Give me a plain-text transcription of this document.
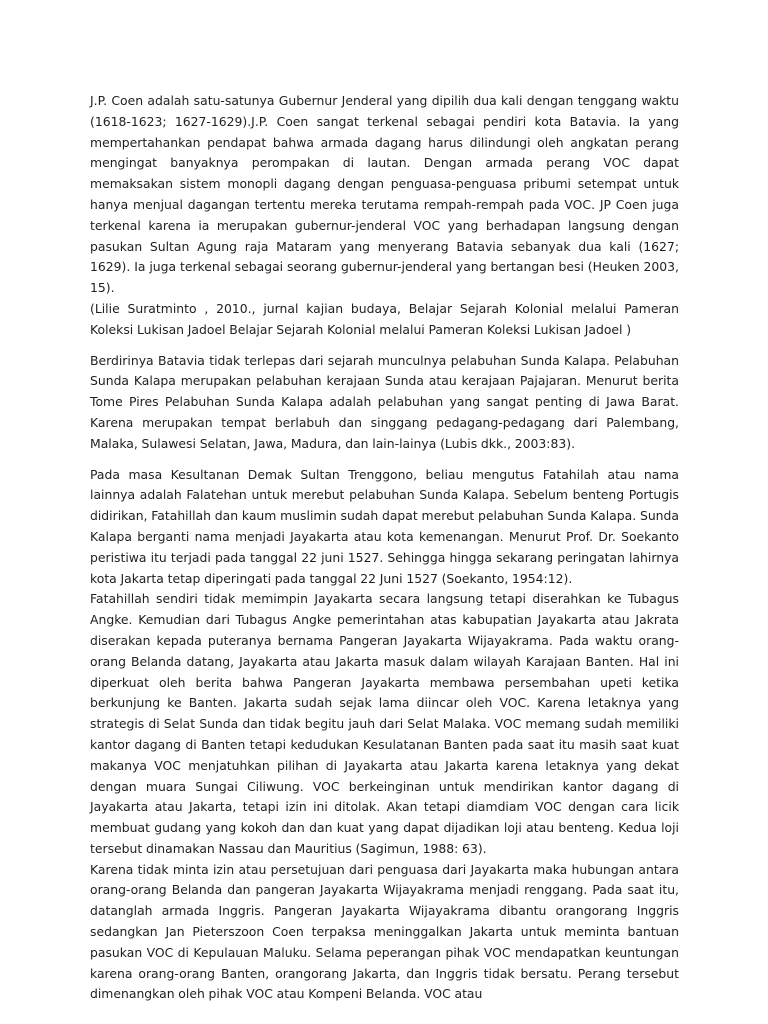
J.P. Coen adalah satu-satunya Gubernur Jenderal yang dipilih dua kali dengan tenggang waktu (1618-1623; 1627-1629).J.P. Coen sangat terkenal sebagai pendiri kota Batavia. Ia yang mempertahankan pendapat bahwa armada dagang harus dilindungi oleh angkatan perang mengingat banyaknya perompakan di lautan. Dengan armada perang VOC dapat memaksakan sistem monopli dagang dengan penguasa-penguasa pribumi setempat untuk hanya menjual dagangan tertentu mereka terutama rempah-rempah pada VOC. JP Coen juga terkenal karena ia merupakan gubernur-jenderal VOC yang berhadapan langsung dengan pasukan Sultan Agung raja Mataram yang menyerang Batavia sebanyak dua kali (1627; 1629). Ia juga terkenal sebagai seorang gubernur-jenderal yang bertangan besi (Heuken 2003, 15).

(Lilie Suratminto , 2010., jurnal kajian budaya, Belajar Sejarah Kolonial melalui Pameran Koleksi Lukisan Jadoel Belajar Sejarah Kolonial melalui Pameran Koleksi Lukisan Jadoel )

Berdirinya Batavia tidak terlepas dari sejarah munculnya pelabuhan Sunda Kalapa. Pelabuhan Sunda Kalapa merupakan pelabuhan kerajaan Sunda atau kerajaan Pajajaran. Menurut berita Tome Pires Pelabuhan Sunda Kalapa adalah pelabuhan yang sangat penting di Jawa Barat. Karena merupakan tempat berlabuh dan singgang pedagang-pedagang dari Palembang, Malaka, Sulawesi Selatan, Jawa, Madura, dan lain-lainya (Lubis dkk., 2003:83).

Pada masa Kesultanan Demak Sultan Trenggono, beliau mengutus Fatahilah atau nama lainnya adalah Falatehan untuk merebut pelabuhan Sunda Kalapa. Sebelum benteng Portugis didirikan, Fatahillah dan kaum muslimin sudah dapat merebut pelabuhan Sunda Kalapa. Sunda Kalapa berganti nama menjadi Jayakarta atau kota kemenangan. Menurut Prof. Dr. Soekanto peristiwa itu terjadi pada tanggal 22 juni 1527. Sehingga hingga sekarang peringatan lahirnya kota Jakarta tetap diperingati pada tanggal 22 Juni 1527 (Soekanto, 1954:12).

Fatahillah sendiri tidak memimpin Jayakarta secara langsung tetapi diserahkan ke Tubagus Angke. Kemudian dari Tubagus Angke pemerintahan atas kabupatian Jayakarta atau Jakrata diserakan kepada puteranya bernama Pangeran Jayakarta Wijayakrama. Pada waktu orang-orang Belanda datang, Jayakarta atau Jakarta masuk dalam wilayah Karajaan Banten. Hal ini diperkuat oleh berita bahwa Pangeran Jayakarta membawa persembahan upeti ketika berkunjung ke Banten. Jakarta sudah sejak lama diincar oleh VOC. Karena letaknya yang strategis di Selat Sunda dan tidak begitu jauh dari Selat Malaka. VOC memang sudah memiliki kantor dagang di Banten tetapi kedudukan Kesulatanan Banten pada saat itu masih saat kuat makanya VOC menjatuhkan pilihan di Jayakarta atau Jakarta karena letaknya yang dekat dengan muara Sungai Ciliwung. VOC berkeinginan untuk mendirikan kantor dagang di Jayakarta atau Jakarta, tetapi izin ini ditolak. Akan tetapi diamdiam VOC dengan cara licik membuat gudang yang kokoh dan dan kuat yang dapat dijadikan loji atau benteng. Kedua loji tersebut dinamakan Nassau dan Mauritius (Sagimun, 1988: 63).

Karena tidak minta izin atau persetujuan dari penguasa dari Jayakarta maka hubungan antara orang-orang Belanda dan pangeran Jayakarta Wijayakrama menjadi renggang. Pada saat itu, datanglah armada Inggris. Pangeran Jayakarta Wijayakrama dibantu orangorang Inggris sedangkan Jan Pieterszoon Coen terpaksa meninggalkan Jakarta untuk meminta bantuan pasukan VOC di Kepulauan Maluku. Selama peperangan pihak VOC mendapatkan keuntungan karena orang-orang Banten, orangorang Jakarta, dan Inggris tidak bersatu. Perang tersebut dimenangkan oleh pihak VOC atau Kompeni Belanda. VOC atau
